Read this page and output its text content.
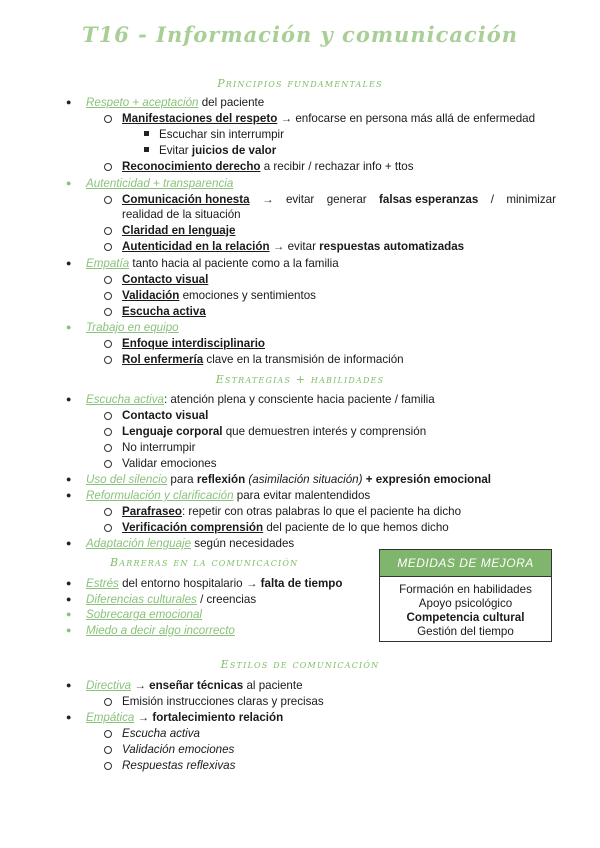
T16 - Información y comunicación
Principios fundamentales
● Respeto + aceptación del paciente
Manifestaciones del respeto → enfocarse en persona más allá de enfermedad
Escuchar sin interrumpir
Evitar juicios de valor
Reconocimiento derecho a recibir / rechazar info + ttos
● Autenticidad + transparencia
Comunicación honesta → evitar generar falsas esperanzas / minimizar
realidad de la situación
Claridad en lenguaje
Autenticidad en la relación → evitar respuestas automatizadas
● Empatía tanto hacia al paciente como a la familia
Contacto visual
Validación emociones y sentimientos
Escucha activa
● Trabajo en equipo
Enfoque interdisciplinario
Rol enfermería clave en la transmisión de información
Estrategias + habilidades
● Escucha activa: atención plena y consciente hacia paciente / familia
Contacto visual
Lenguaje corporal que demuestren interés y comprensión
No interrumpir
Validar emociones
● Uso del silencio para reflexión (asimilación situación) + expresión emocional
● Reformulación y clarificación para evitar malentendidos
Parafraseo: repetir con otras palabras lo que el paciente ha dicho
Verificación comprensión del paciente de lo que hemos dicho
● Adaptación lenguaje según necesidades
Barreras en la comunicación
● Estrés del entorno hospitalario → falta de tiempo
● Diferencias culturales / creencias
● Sobrecarga emocional
● Miedo a decir algo incorrecto
MEDIDAS DE MEJORA
Formación en habilidades
Apoyo psicológico
Competencia cultural
Gestión del tiempo
Estilos de comunicación
● Directiva → enseñar técnicas al paciente
Emisión instrucciones claras y precisas
● Empática → fortalecimiento relación
Escucha activa
Validación emociones
Respuestas reflexivas
